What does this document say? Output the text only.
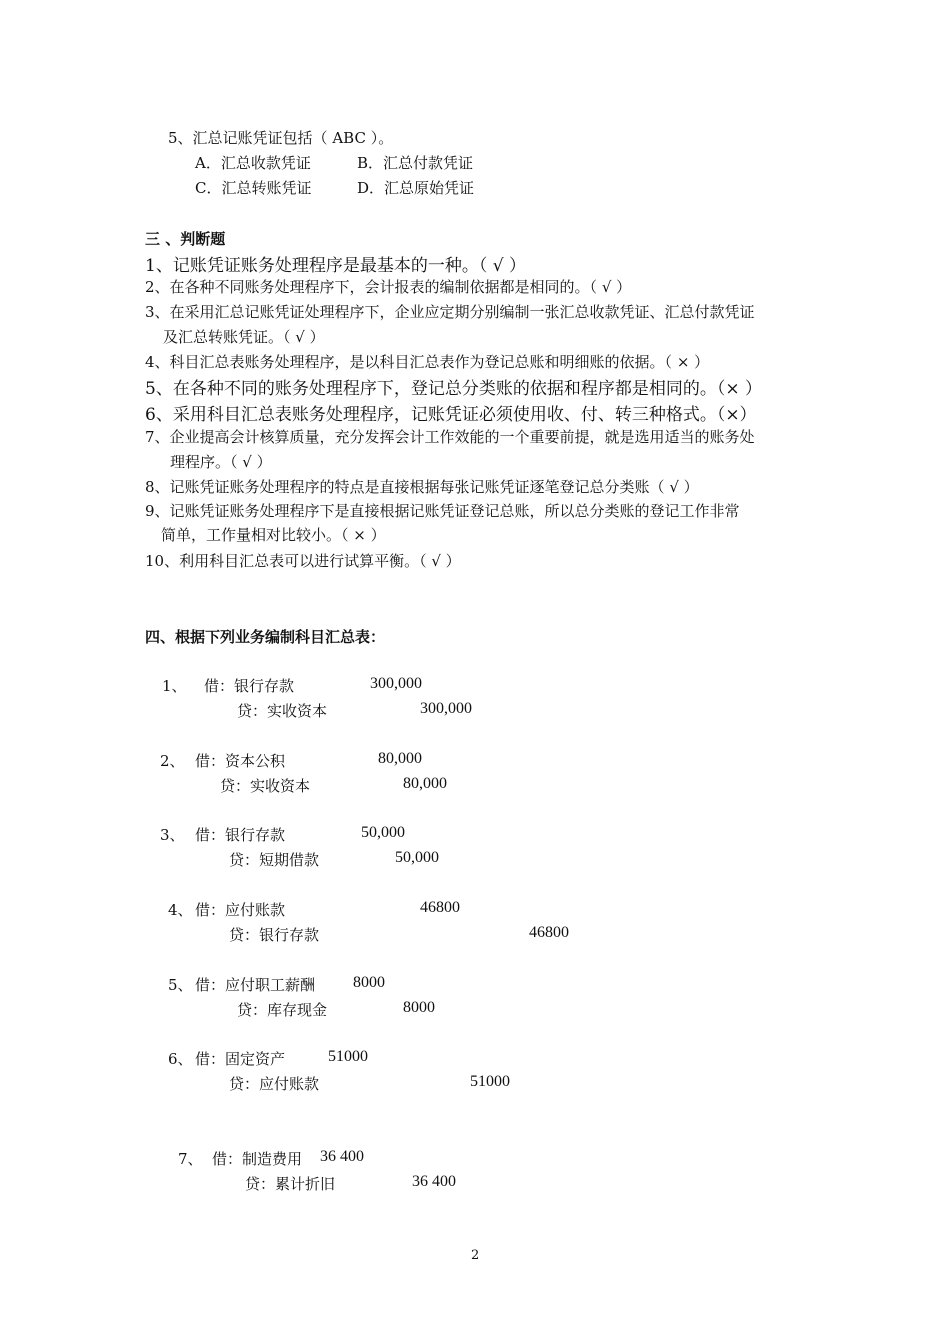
5、汇总记账凭证包括（ ABC ）。
A．汇总收款凭证	B．汇总付款凭证
C．汇总转账凭证	D．汇总原始凭证
三 、判断题
1、记账凭证账务处理程序是最基本的一种。（ √ ）
2、在各种不同账务处理程序下，会计报表的编制依据都是相同的。（ √ ）
3、在采用汇总记账凭证处理程序下，企业应定期分别编制一张汇总收款凭证、汇总付款凭证
及汇总转账凭证。（ √ ）
4、科目汇总表账务处理程序，是以科目汇总表作为登记总账和明细账的依据。（ × ）
5、在各种不同的账务处理程序下，登记总分类账的依据和程序都是相同的。（× ）
6、采用科目汇总表账务处理程序，记账凭证必须使用收、付、转三种格式。（×）
7、企业提高会计核算质量，充分发挥会计工作效能的一个重要前提，就是选用适当的账务处
理程序。（ √ ）
8、记账凭证账务处理程序的特点是直接根据每张记账凭证逐笔登记总分类账（ √ ）
9、记账凭证账务处理程序下是直接根据记账凭证登记总账，所以总分类账的登记工作非常
简单，工作量相对比较小。（ × ）
10、利用科目汇总表可以进行试算平衡。（ √ ）
四、根据下列业务编制科目汇总表：
1、 借：银行存款	300,000
贷：实收资本	300,000
2、 借：资本公积	80,000
贷：实收资本	80,000
3、 借：银行存款	50,000
贷：短期借款	50,000
4、 借：应付账款	46800
贷：银行存款	46800
5、 借：应付职工薪酬 8000
贷：库存现金	8000
6、 借：固定资产	51000
贷：应付账款	51000
7、 借：制造费用 36 400
贷：累计折旧	36 400
2
